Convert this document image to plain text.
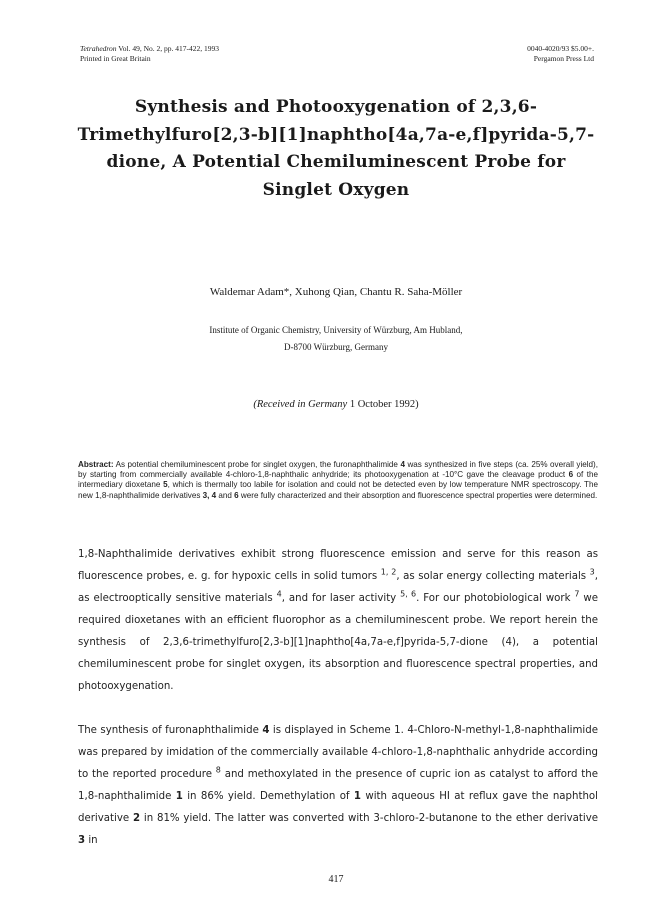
Tetrahedron Vol. 49, No. 2, pp. 417-422, 1993
Printed in Great Britain
0040-4020/93 $5.00+.
Pergamon Press Ltd
Synthesis and Photooxygenation of 2,3,6-
Trimethylfuro[2,3-b][1]naphtho[4a,7a-e,f]pyrida-5,7-
dione, A Potential Chemiluminescent Probe for
Singlet Oxygen
Waldemar Adam*, Xuhong Qian, Chantu R. Saha-Möller
Institute of Organic Chemistry, University of Würzburg, Am Hubland,
D-8700 Würzburg, Germany
(Received in Germany 1 October 1992)
Abstract: As potential chemiluminescent probe for singlet oxygen, the furonaphthalimide 4 was synthesized in five steps (ca. 25% overall yield), by starting from commercially available 4-chloro-1,8-naphthalic anhydride; its photooxygenation at -10°C gave the cleavage product 6 of the intermediary dioxetane 5, which is thermally too labile for isolation and could not be detected even by low temperature NMR spectroscopy. The new 1,8-naphthalimide derivatives 3, 4 and 6 were fully characterized and their absorption and fluorescence spectral properties were determined.
1,8-Naphthalimide derivatives exhibit strong fluorescence emission and serve for this reason as fluorescence probes, e. g. for hypoxic cells in solid tumors $^{1, 2}$, as solar energy collecting materials $^3$, as electrooptically sensitive materials $^4$, and for laser activity $^{5, 6}$. For our photobiological work $^7$ we required dioxetanes with an efficient fluorophor as a chemiluminescent probe. We report herein the synthesis of 2,3,6-trimethylfuro[2,3-b][1]naphtho[4a,7a-e,f]pyrida-5,7-dione (4), a potential chemiluminescent probe for singlet oxygen, its absorption and fluorescence spectral properties, and photooxygenation.
The synthesis of furonaphthalimide 4 is displayed in Scheme 1. 4-Chloro-N-methyl-1,8-naphthalimide was prepared by imidation of the commercially available 4-chloro-1,8-naphthalic anhydride according to the reported procedure $^8$ and methoxylated in the presence of cupric ion as catalyst to afford the 1,8-naphthalimide 1 in 86% yield. Demethylation of 1 with aqueous HI at reflux gave the naphthol derivative 2 in 81% yield. The latter was converted with 3-chloro-2-butanone to the ether derivative 3 in
417
